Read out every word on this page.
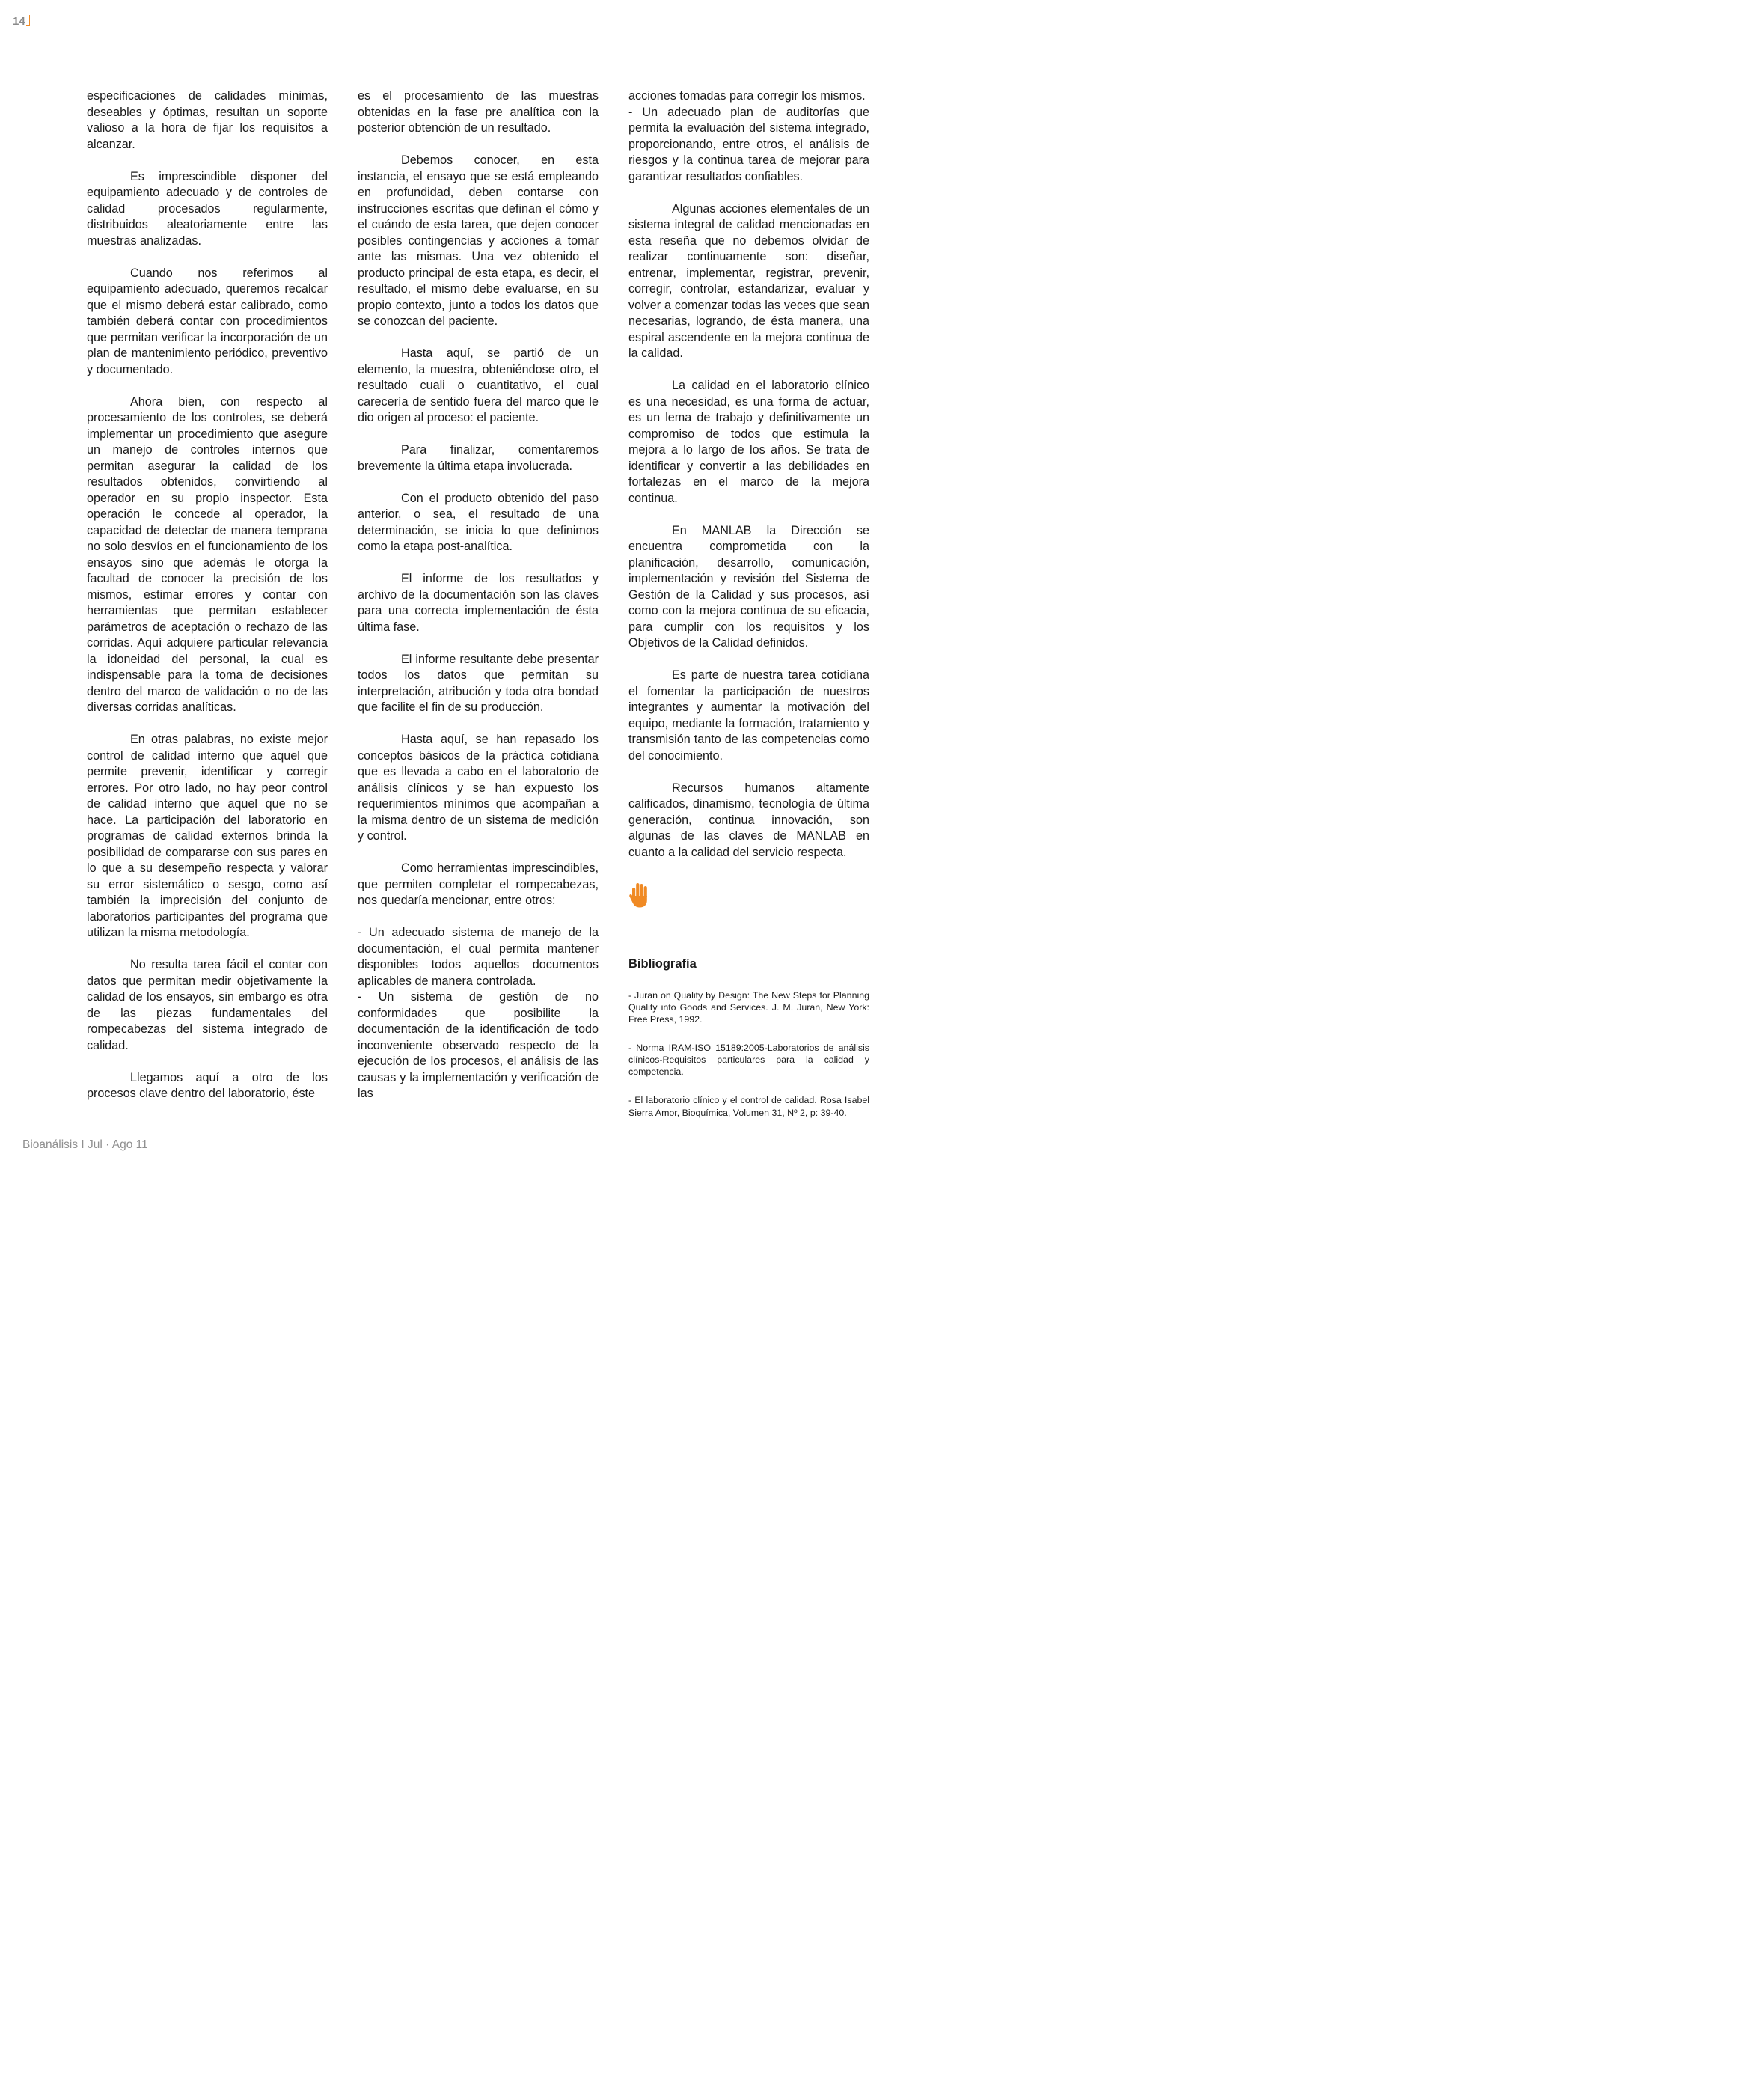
14

especificaciones de calidades mínimas, deseables y óptimas, resultan un soporte valioso a la hora de fijar los requisitos a alcanzar.

Es imprescindible disponer del equipamiento adecuado y de controles de calidad procesados regularmente, distribuidos aleatoriamente entre las muestras analizadas.

Cuando nos referimos al equipamiento adecuado, queremos recalcar que el mismo deberá estar calibrado, como también deberá contar con procedimientos que permitan verificar la incorporación de un plan de mantenimiento periódico, preventivo y documentado.

Ahora bien, con respecto al procesamiento de los controles, se deberá implementar un procedimiento que asegure un manejo de controles internos que permitan asegurar la calidad de los resultados obtenidos, convirtiendo al operador en su propio inspector. Esta operación le concede al operador, la capacidad de detectar de manera temprana no solo desvíos en el funcionamiento de los ensayos sino que además le otorga la facultad de conocer la precisión de los mismos, estimar errores y contar con herramientas que permitan establecer parámetros de aceptación o rechazo de las corridas. Aquí adquiere particular relevancia la idoneidad del personal, la cual es indispensable para la toma de decisiones dentro del marco de validación o no de las diversas corridas analíticas.

En otras palabras, no existe mejor control de calidad interno que aquel que permite prevenir, identificar y corregir errores. Por otro lado, no hay peor control de calidad interno que aquel que no se hace. La participación del laboratorio en programas de calidad externos brinda la posibilidad de compararse con sus pares en lo que a su desempeño respecta y valorar su error sistemático o sesgo, como así también la imprecisión del conjunto de laboratorios participantes del programa que utilizan la misma metodología.

No resulta tarea fácil el contar con datos que permitan medir objetivamente la calidad de los ensayos, sin embargo es otra de las piezas fundamentales del rompecabezas del sistema integrado de calidad.

Llegamos aquí a otro de los procesos clave dentro del laboratorio, éste

es el procesamiento de las muestras obtenidas en la fase pre analítica con la posterior obtención de un resultado.

Debemos conocer, en esta instancia, el ensayo que se está empleando en profundidad, deben contarse con instrucciones escritas que definan el cómo y el cuándo de esta tarea, que dejen conocer posibles contingencias y acciones a tomar ante las mismas. Una vez obtenido el producto principal de esta etapa, es decir, el resultado, el mismo debe evaluarse, en su propio contexto, junto a todos los datos que se conozcan del paciente.

Hasta aquí, se partió de un elemento, la muestra, obteniéndose otro, el resultado cuali o cuantitativo, el cual carecería de sentido fuera del marco que le dio origen al proceso: el paciente.

Para finalizar, comentaremos brevemente la última etapa involucrada.

Con el producto obtenido del paso anterior, o sea, el resultado de una determinación, se inicia lo que definimos como la etapa post-analítica.

El informe de los resultados y archivo de la documentación son las claves para una correcta implementación de ésta última fase.

El informe resultante debe presentar todos los datos que permitan su interpretación, atribución y toda otra bondad que facilite el fin de su producción.

Hasta aquí, se han repasado los conceptos básicos de la práctica cotidiana que es llevada a cabo en el laboratorio de análisis clínicos y se han expuesto los requerimientos mínimos que acompañan a la misma dentro de un sistema de medición y control.

Como herramientas imprescindibles, que permiten completar el rompecabezas, nos quedaría mencionar, entre otros:

- Un adecuado sistema de manejo de la documentación, el cual permita mantener disponibles todos aquellos documentos aplicables de manera controlada.

- Un sistema de gestión de no conformidades que posibilite la documentación de la identificación de todo inconveniente observado respecto de la ejecución de los procesos, el análisis de las causas y la implementación y verificación de las

acciones tomadas para corregir los mismos.

- Un adecuado plan de auditorías que permita la evaluación del sistema integrado, proporcionando, entre otros, el análisis de riesgos y la continua tarea de mejorar para garantizar resultados confiables.

Algunas acciones elementales de un sistema integral de calidad mencionadas en esta reseña que no debemos olvidar de realizar continuamente son: diseñar, entrenar, implementar, registrar, prevenir, corregir, controlar, estandarizar, evaluar y volver a comenzar todas las veces que sean necesarias, logrando, de ésta manera, una espiral ascendente en la mejora continua de la calidad.

La calidad en el laboratorio clínico es una necesidad, es una forma de actuar, es un lema de trabajo y definitivamente un compromiso de todos que estimula la mejora a lo largo de los años. Se trata de identificar y convertir a las debilidades en fortalezas en el marco de la mejora continua.

En MANLAB la Dirección se encuentra comprometida con la planificación, desarrollo, comunicación, implementación y revisión del Sistema de Gestión de la Calidad y sus procesos, así como con la mejora continua de su eficacia, para cumplir con los requisitos y los Objetivos de la Calidad definidos.

Es parte de nuestra tarea cotidiana el fomentar la participación de nuestros integrantes y aumentar la motivación del equipo, mediante la formación, tratamiento y transmisión tanto de las competencias como del conocimiento.

Recursos humanos altamente calificados, dinamismo, tecnología de última generación, continua innovación, son algunas de las claves de MANLAB en cuanto a la calidad del servicio respecta.

Bibliografía

- Juran on Quality by Design: The New Steps for Planning Quality into Goods and Services. J. M. Juran, New York: Free Press, 1992.

- Norma IRAM-ISO 15189:2005-Laboratorios de análisis clínicos-Requisitos particulares para la calidad y competencia.

- El laboratorio clínico y el control de calidad. Rosa Isabel Sierra Amor, Bioquímica, Volumen 31, Nº 2, p: 39-40.

Bioanálisis I Jul · Ago 11
